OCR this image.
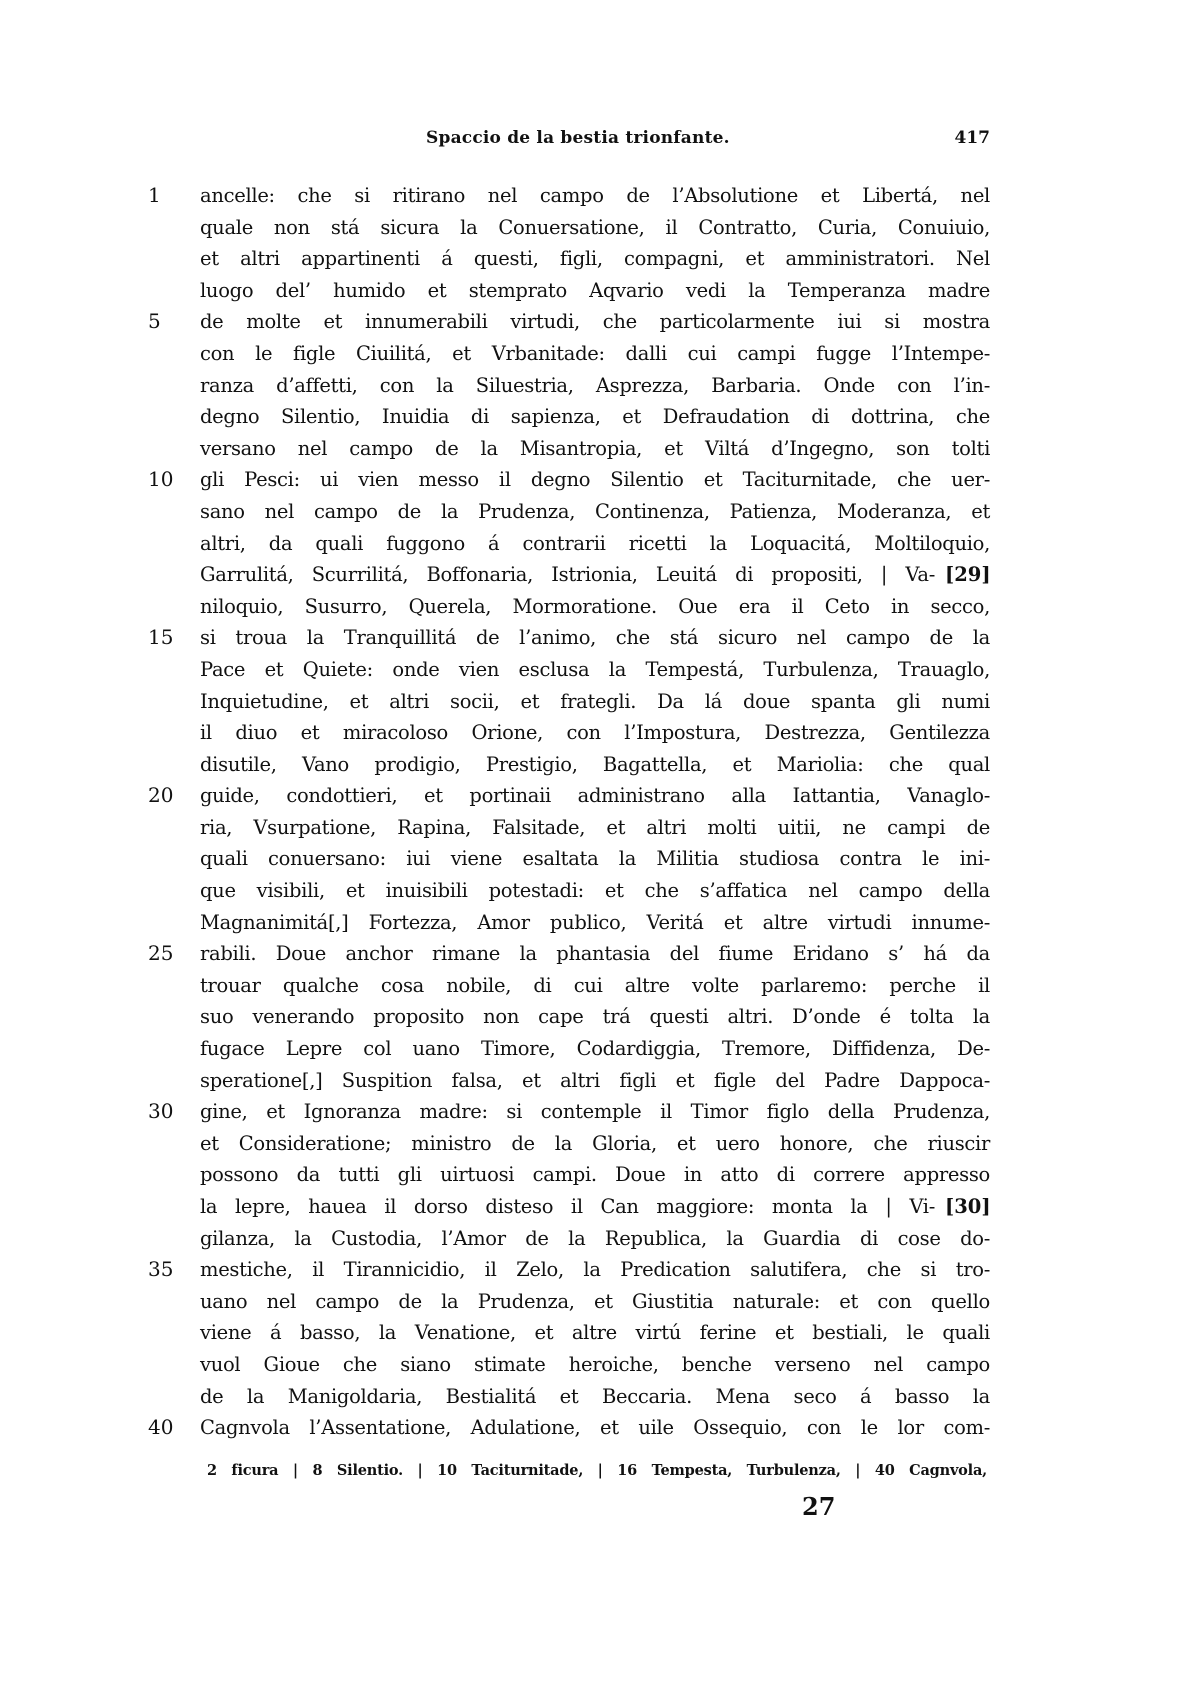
Spaccio de la bestia trionfante.	417
1	ancelle: che si ritirano nel campo de l’Absolutione et Libertá, nel
quale non stá sicura la Conuersatione, il Contratto, Curia, Conuiuio,
et altri appartinenti á questi, figli, compagni, et amministratori. Nel
luogo del’ humido et stemprato Aqvario vedi la Temperanza madre
5	de molte et innumerabili virtudi, che particolarmente iui si mostra
con le figle Ciuilitá, et Vrbanitade: dalli cui campi fugge l’Intempe-
ranza d’affetti, con la Siluestria, Asprezza, Barbaria. Onde con l’in-
degno Silentio, Inuidia di sapienza, et Defraudation di dottrina, che
versano nel campo de la Misantropia, et Viltá d’Ingegno, son tolti
10	gli Pesci: ui vien messo il degno Silentio et Taciturnitade, che uer-
sano nel campo de la Prudenza, Continenza, Patienza, Moderanza, et
altri, da quali fuggono á contrarii ricetti la Loquacitá, Moltiloquio,
Garrulitá, Scurrilitá, Boffonaria, Istrionia, Leuitá di propositi, | Va- [29]
niloquio, Susurro, Querela, Mormoratione. Oue era il Ceto in secco,
15	si troua la Tranquillitá de l’animo, che stá sicuro nel campo de la
Pace et Quiete: onde vien esclusa la Tempestá, Turbulenza, Trauaglo,
Inquietudine, et altri socii, et frategli. Da lá doue spanta gli numi
il diuo et miracoloso Orione, con l’Impostura, Destrezza, Gentilezza
disutile, Vano prodigio, Prestigio, Bagattella, et Mariolia: che qual
20	guide, condottieri, et portinaii administrano alla Iattantia, Vanaglo-
ria, Vsurpatione, Rapina, Falsitade, et altri molti uitii, ne campi de
quali conuersano: iui viene esaltata la Militia studiosa contra le ini-
que visibili, et inuisibili potestadi: et che s’affatica nel campo della
Magnanimitá[,] Fortezza, Amor publico, Veritá et altre virtudi innume-
25	rabili. Doue anchor rimane la phantasia del fiume Eridano s’ há da
trouar qualche cosa nobile, di cui altre volte parlaremo: perche il
suo venerando proposito non cape trá questi altri. D’onde é tolta la
fugace Lepre col uano Timore, Codardiggia, Tremore, Diffidenza, De-
speratione[,] Suspition falsa, et altri figli et figle del Padre Dappoca-
30	gine, et Ignoranza madre: si contemple il Timor figlo della Prudenza,
et Consideratione; ministro de la Gloria, et uero honore, che riuscir
possono da tutti gli uirtuosi campi. Doue in atto di correre appresso
la lepre, hauea il dorso disteso il Can maggiore: monta la | Vi- [30]
gilanza, la Custodia, l’Amor de la Republica, la Guardia di cose do-
35	mestiche, il Tirannicidio, il Zelo, la Predication salutifera, che si tro-
uano nel campo de la Prudenza, et Giustitia naturale: et con quello
viene á basso, la Venatione, et altre virtú ferine et bestiali, le quali
vuol Gioue che siano stimate heroiche, benche verseno nel campo
de la Manigoldaria, Bestialitá et Beccaria. Mena seco á basso la
40	Cagnvola l’Assentatione, Adulatione, et uile Ossequio, con le lor com-
2 ficura | 8 Silentio. | 10 Taciturnitade, | 16 Tempesta, Turbulenza, | 40 Cagnvola,
27
